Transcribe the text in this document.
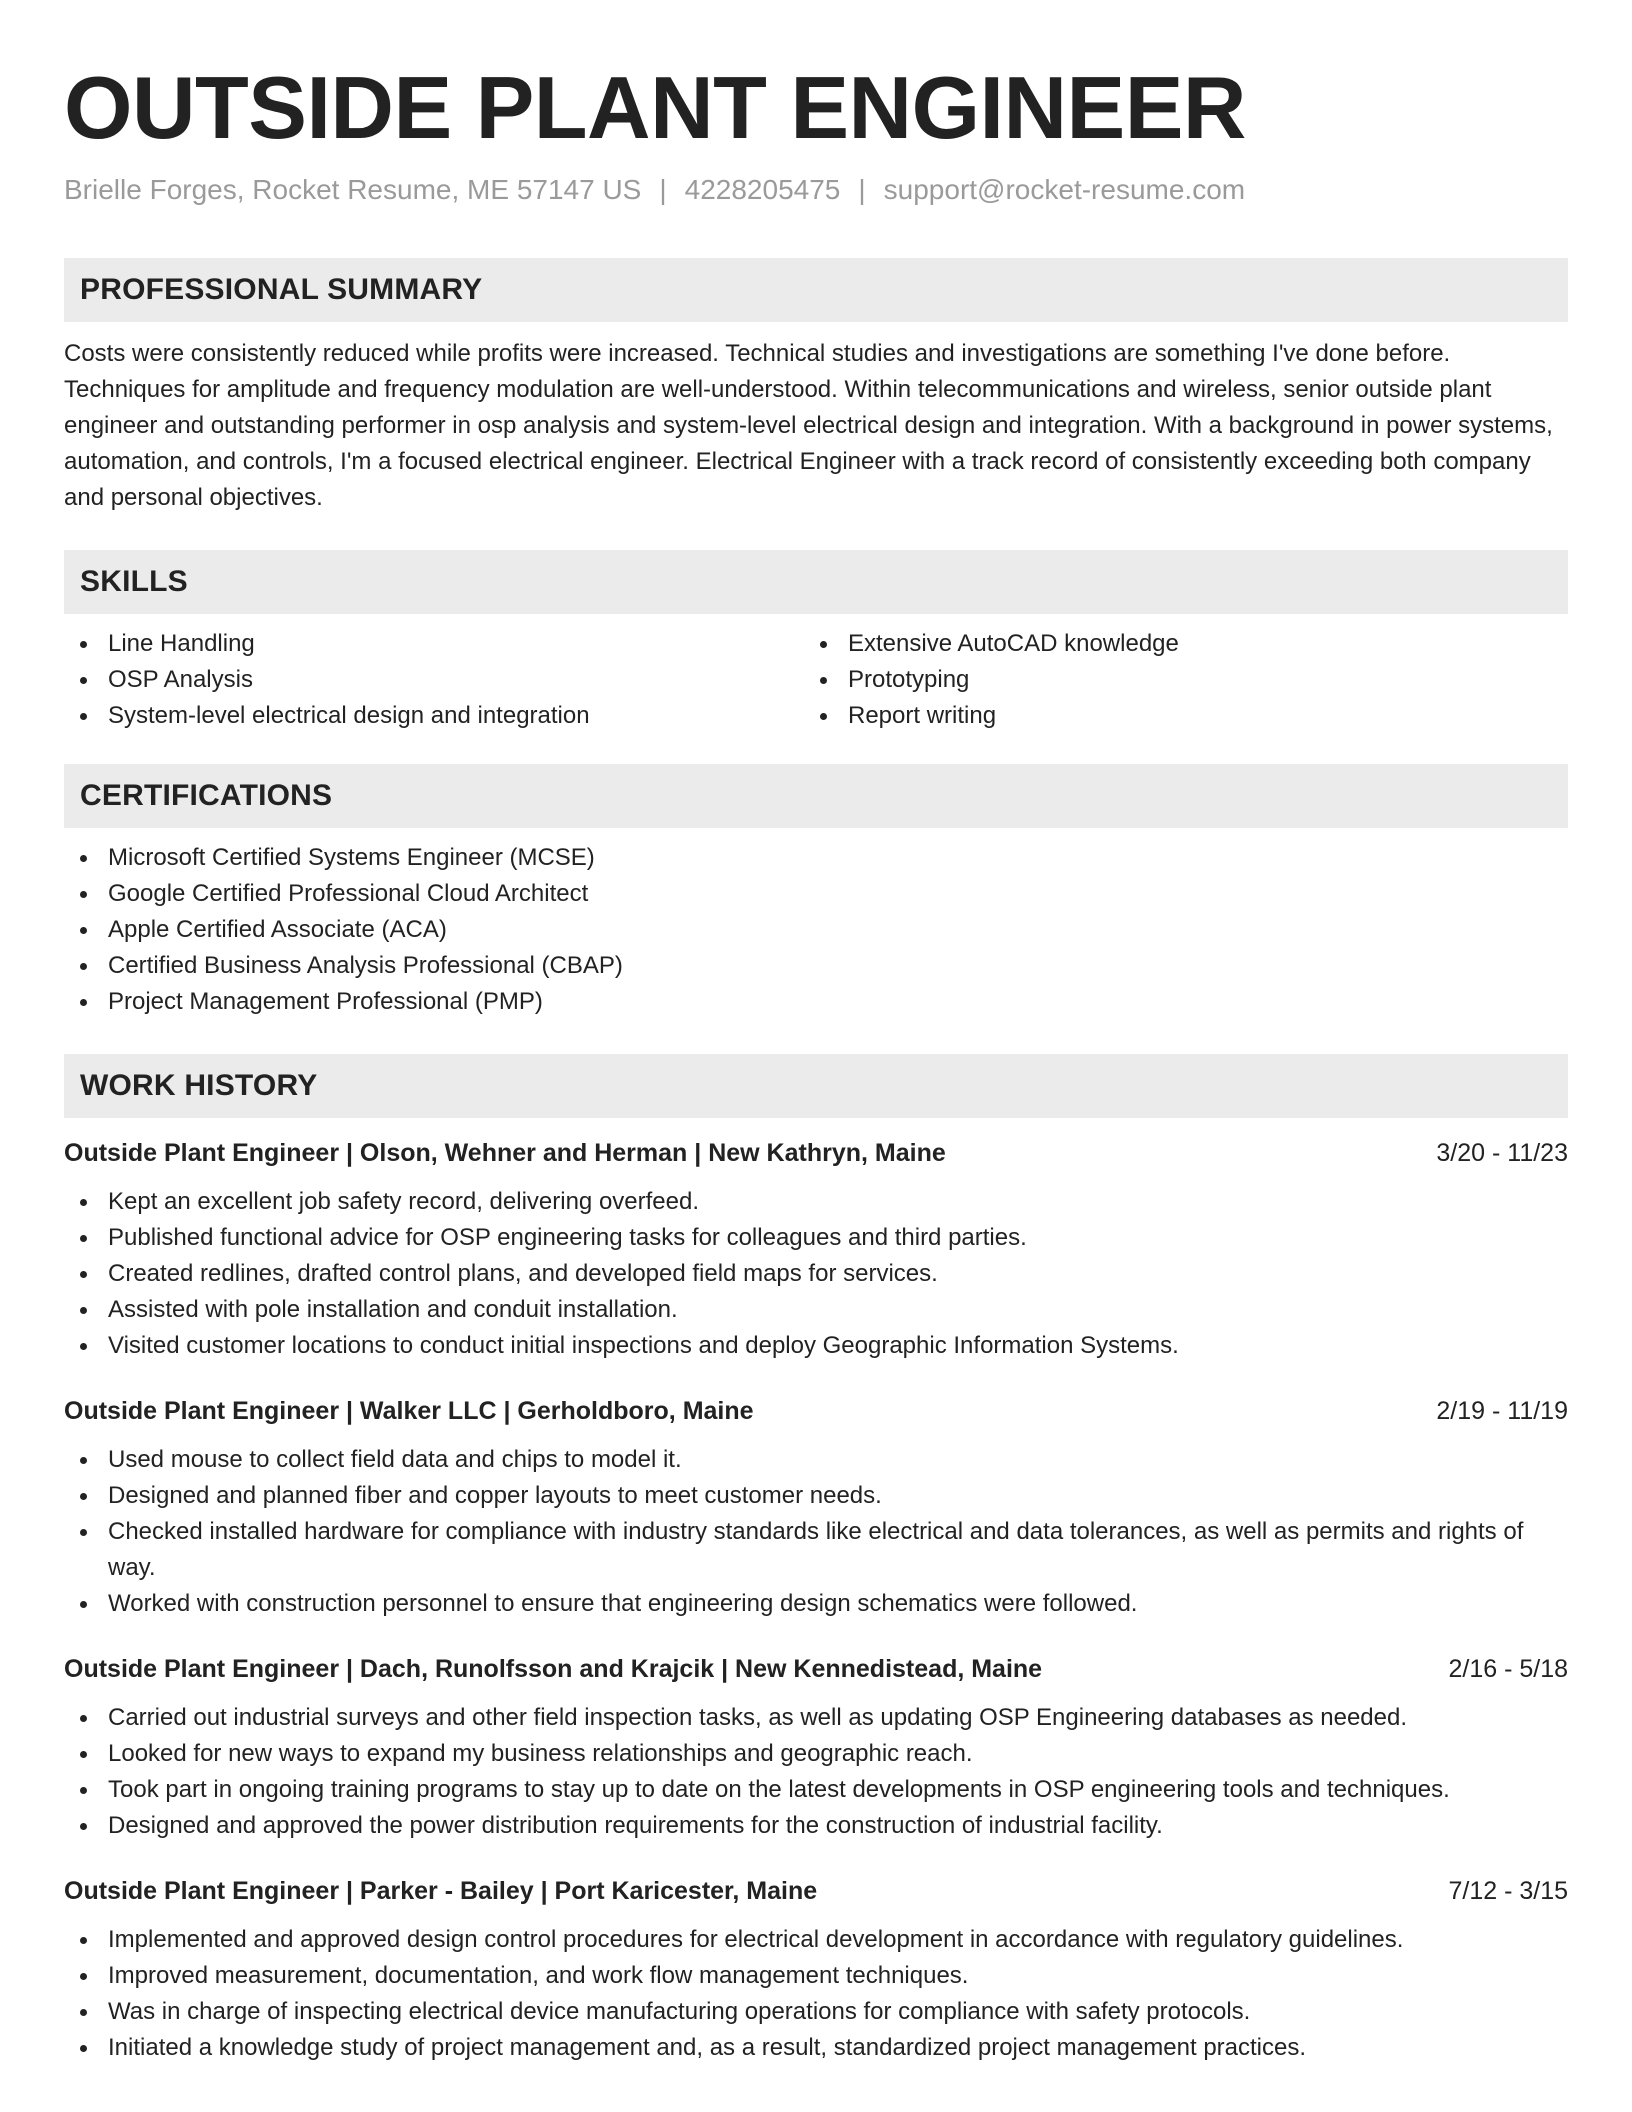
OUTSIDE PLANT ENGINEER
Brielle Forges, Rocket Resume, ME 57147 US | 4228205475 | support@rocket-resume.com
PROFESSIONAL SUMMARY

Costs were consistently reduced while profits were increased. Technical studies and investigations are something I've done before. Techniques for amplitude and frequency modulation are well-understood. Within telecommunications and wireless, senior outside plant engineer and outstanding performer in osp analysis and system-level electrical design and integration. With a background in power systems, automation, and controls, I'm a focused electrical engineer. Electrical Engineer with a track record of consistently exceeding both company and personal objectives.

SKILLS
Line Handling
OSP Analysis
System-level electrical design and integration
Extensive AutoCAD knowledge
Prototyping
Report writing
CERTIFICATIONS
Microsoft Certified Systems Engineer (MCSE)
Google Certified Professional Cloud Architect
Apple Certified Associate (ACA)
Certified Business Analysis Professional (CBAP)
Project Management Professional (PMP)
WORK HISTORY
Outside Plant Engineer | Olson, Wehner and Herman | New Kathryn, Maine	3/20 - 11/23
Kept an excellent job safety record, delivering overfeed.
Published functional advice for OSP engineering tasks for colleagues and third parties.
Created redlines, drafted control plans, and developed field maps for services.
Assisted with pole installation and conduit installation.
Visited customer locations to conduct initial inspections and deploy Geographic Information Systems.
Outside Plant Engineer | Walker LLC | Gerholdboro, Maine	2/19 - 11/19
Used mouse to collect field data and chips to model it.
Designed and planned fiber and copper layouts to meet customer needs.
Checked installed hardware for compliance with industry standards like electrical and data tolerances, as well as permits and rights of way.
Worked with construction personnel to ensure that engineering design schematics were followed.
Outside Plant Engineer | Dach, Runolfsson and Krajcik | New Kennedistead, Maine	2/16 - 5/18
Carried out industrial surveys and other field inspection tasks, as well as updating OSP Engineering databases as needed.
Looked for new ways to expand my business relationships and geographic reach.
Took part in ongoing training programs to stay up to date on the latest developments in OSP engineering tools and techniques.
Designed and approved the power distribution requirements for the construction of industrial facility.
Outside Plant Engineer | Parker - Bailey | Port Karicester, Maine	7/12 - 3/15
Implemented and approved design control procedures for electrical development in accordance with regulatory guidelines.
Improved measurement, documentation, and work flow management techniques.
Was in charge of inspecting electrical device manufacturing operations for compliance with safety protocols.
Initiated a knowledge study of project management and, as a result, standardized project management practices.
